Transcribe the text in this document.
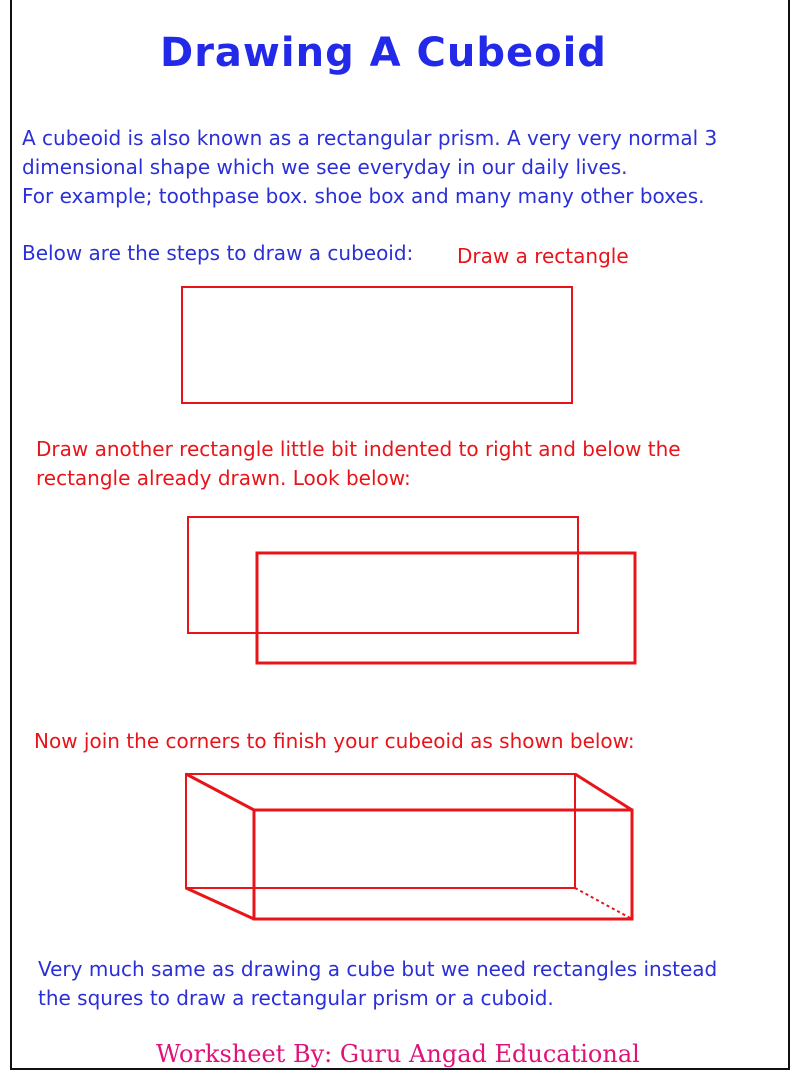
Drawing A Cubeoid

A cubeoid is also known as a rectangular prism. A very very normal 3
dimensional shape which we see everyday in our daily lives.
For example; toothpase box. shoe box and many many other boxes.

Below are the steps to draw a cubeoid: Draw a rectangle

Draw another rectangle little bit indented to right and below the
rectangle already drawn. Look below:

Now join the corners to finish your cubeoid as shown below:

Very much same as drawing a cube but we need rectangles instead
the squres to draw a rectangular prism or a cuboid.

Worksheet By: Guru Angad Educational
